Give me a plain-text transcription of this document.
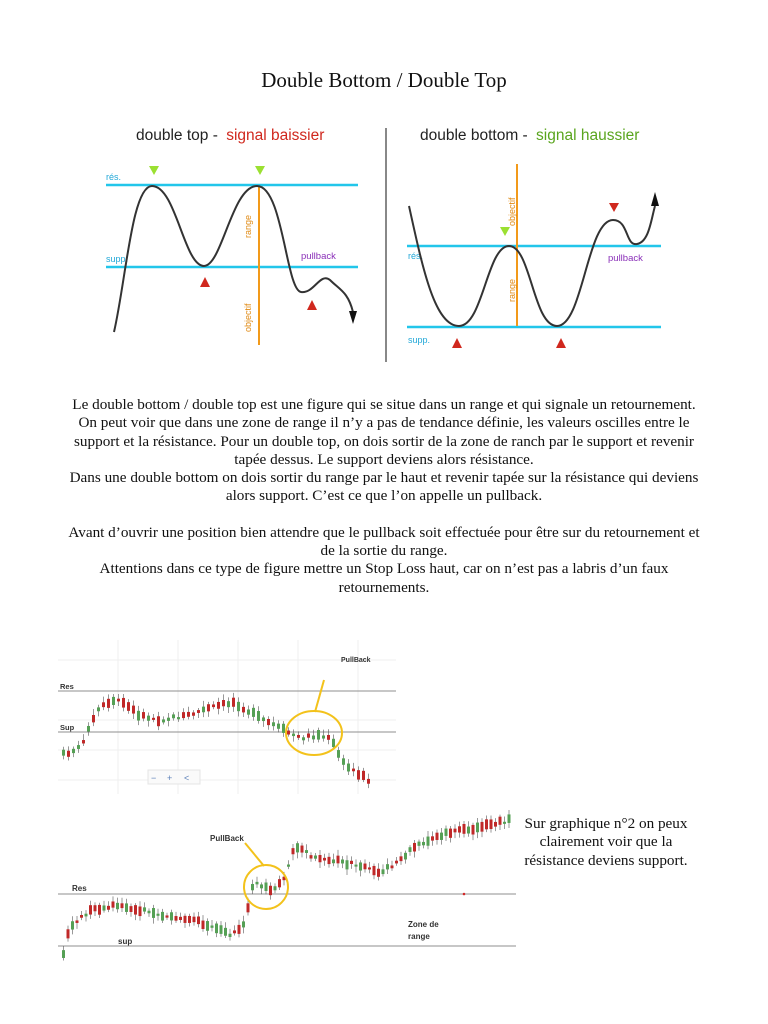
Double Bottom / Double Top
double top - signal baissier
rés.
supp.
range
objectif
pullback
double bottom - signal haussier
rés.
supp.
objectif
range
pullback

Le double bottom / double top est une figure qui se situe dans un range et qui signale un retournement.

On peut voir que dans une zone de range il n’y a pas de tendance définie, les valeurs oscilles entre le support et la résistance. Pour un double top, on dois sortir de la zone de ranch par le support et revenir tapée dessus. Le support deviens alors résistance.

Dans une double bottom on dois sortir du range par le haut et revenir tapée sur la résistance qui deviens alors support. C’est ce que l’on appelle un pullback.

Avant d’ouvrir une position bien attendre que le pullback soit effectuée pour être sur du retournement et de la sortie du range.

Attentions dans ce type de figure mettre un Stop Loss haut, car on n’est pas a labris d’un faux retournements.

Res
Sup
PullBack
− + <
Res
sup
PullBack
Zone de
range
Sur graphique n°2 on peux clairement voir que la résistance deviens support.
